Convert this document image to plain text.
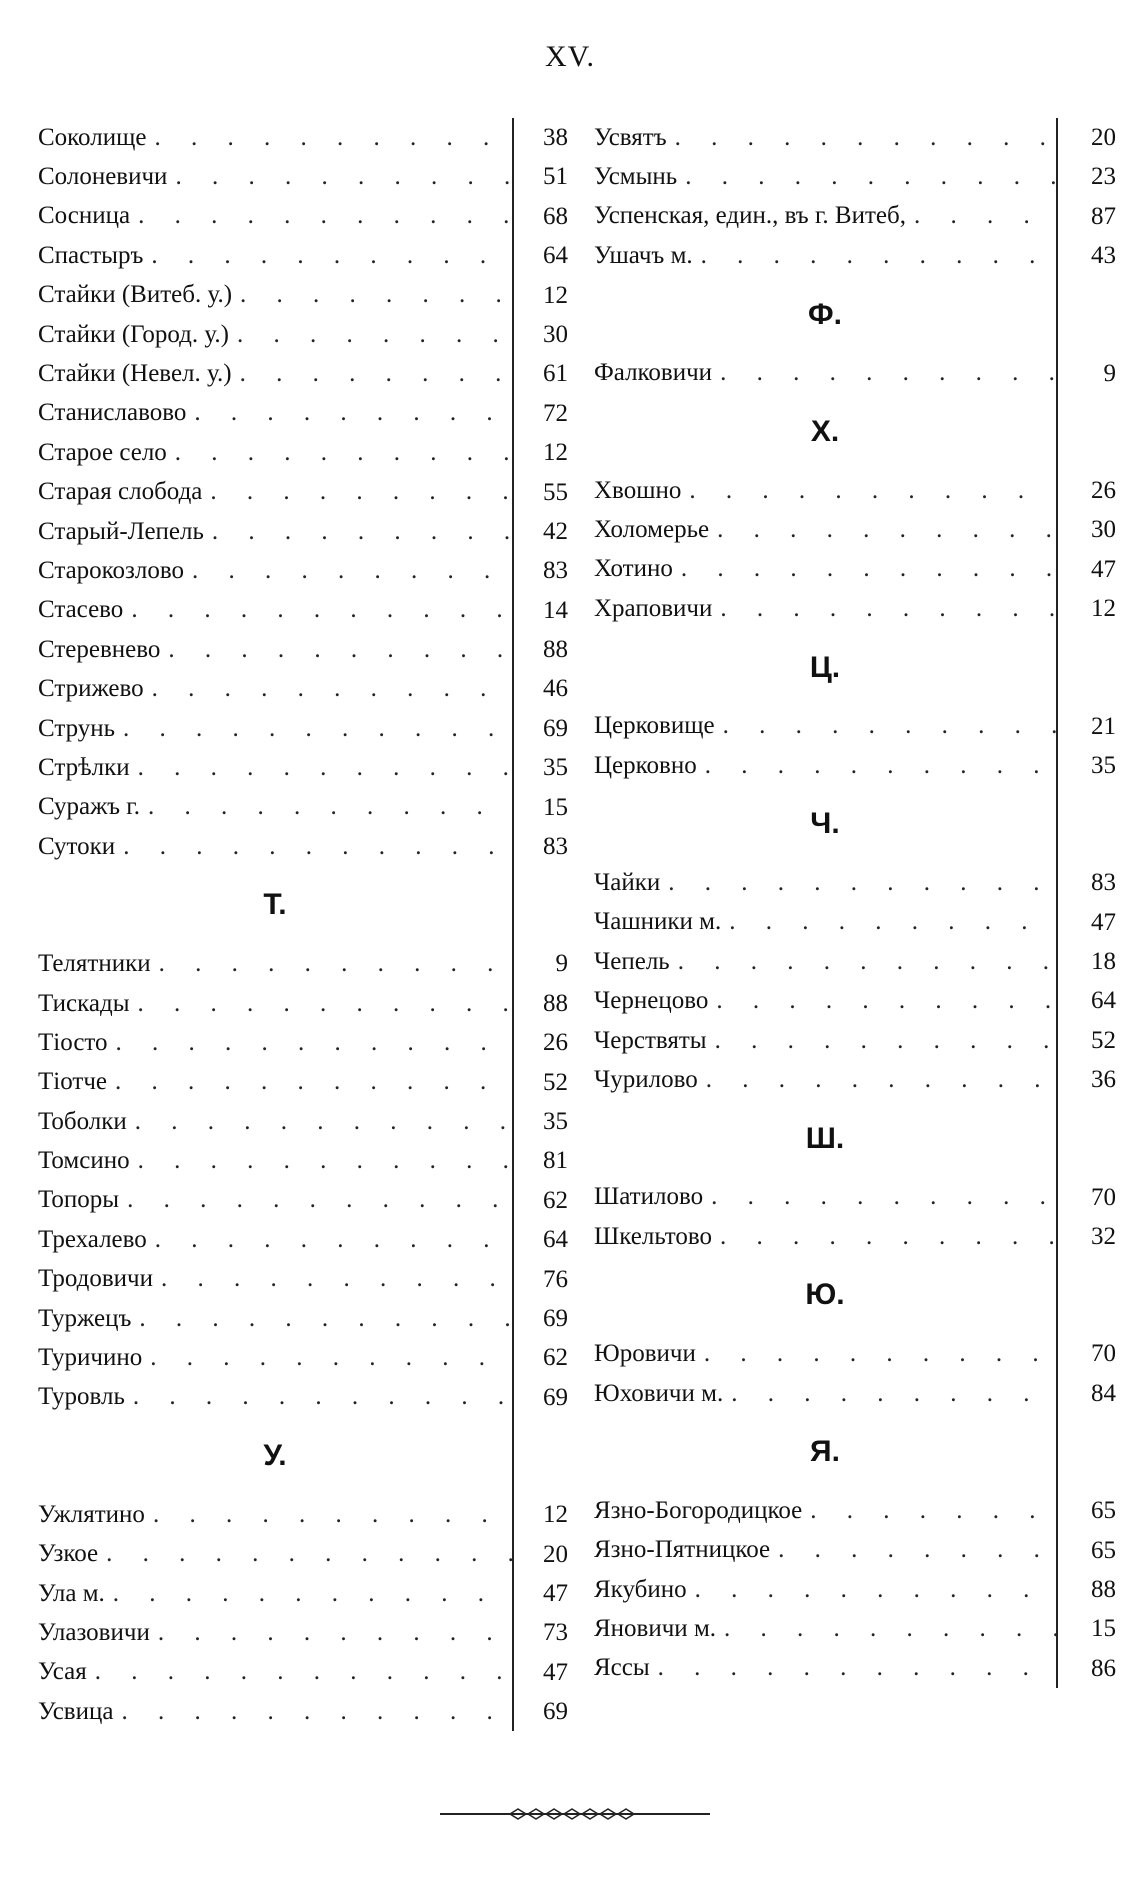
XV.
Соколище . . .	38
Солоневичи . . .	51
Сосница . . .	68
Спастыръ . . .	64
Стайки (Витеб. у.) . . .	12
Стайки (Город. у.) . . .	30
Стайки (Невел. у.) . . .	61
Станиславово . . .	72
Старое село . . .	12
Старая слобода . . .	55
Старый-Лепель . . .	42
Старокозлово . . .	83
Стасево . . .	14
Стеревнево . . .	88
Стрижево . . .	46
Струнь . . .	69
Стрѣлки . . .	35
Суражъ г. . . .	15
Сутоки . . .	83
Т.
Телятники . . .	9
Тискады . . .	88
Тіосто . . .	26
Тіотче . . .	52
Тоболки . . .	35
Томсино . . .	81
Топоры . . .	62
Трехалево . . .	64
Тродовичи . . .	76
Туржецъ . . .	69
Туричино . . .	62
Туровль . . .	69
У.
Ужлятино . . .	12
Узкое . . .	20
Ула м. . . .	47
Улазовичи . . .	73
Усая . . .	47
Усвица . . .	69
Усвятъ . . .	20
Усмынь . . .	23
Успенская, един., въ г. Витеб, . . .	87
Ушачъ м. . . .	43
Ф.
Фалковичи . . .	9
Х.
Хвошно . . .	26
Холомерье . . .	30
Хотино . . .	47
Храповичи . . .	12
Ц.
Церковище . . .	21
Церковно . . .	35
Ч.
Чайки . . .	83
Чашники м. . . .	47
Чепель . . .	18
Чернецово . . .	64
Черствяты . . .	52
Чурилово . . .	36
Ш.
Шатилово . . .	70
Шкельтово . . .	32
Ю.
Юровичи . . .	70
Юховичи м. . . .	84
Я.
Язно-Богородицкое . . .	65
Язно-Пятницкое . . .	65
Якубино . . .	88
Яновичи м. . . .	15
Яссы . . .	86
